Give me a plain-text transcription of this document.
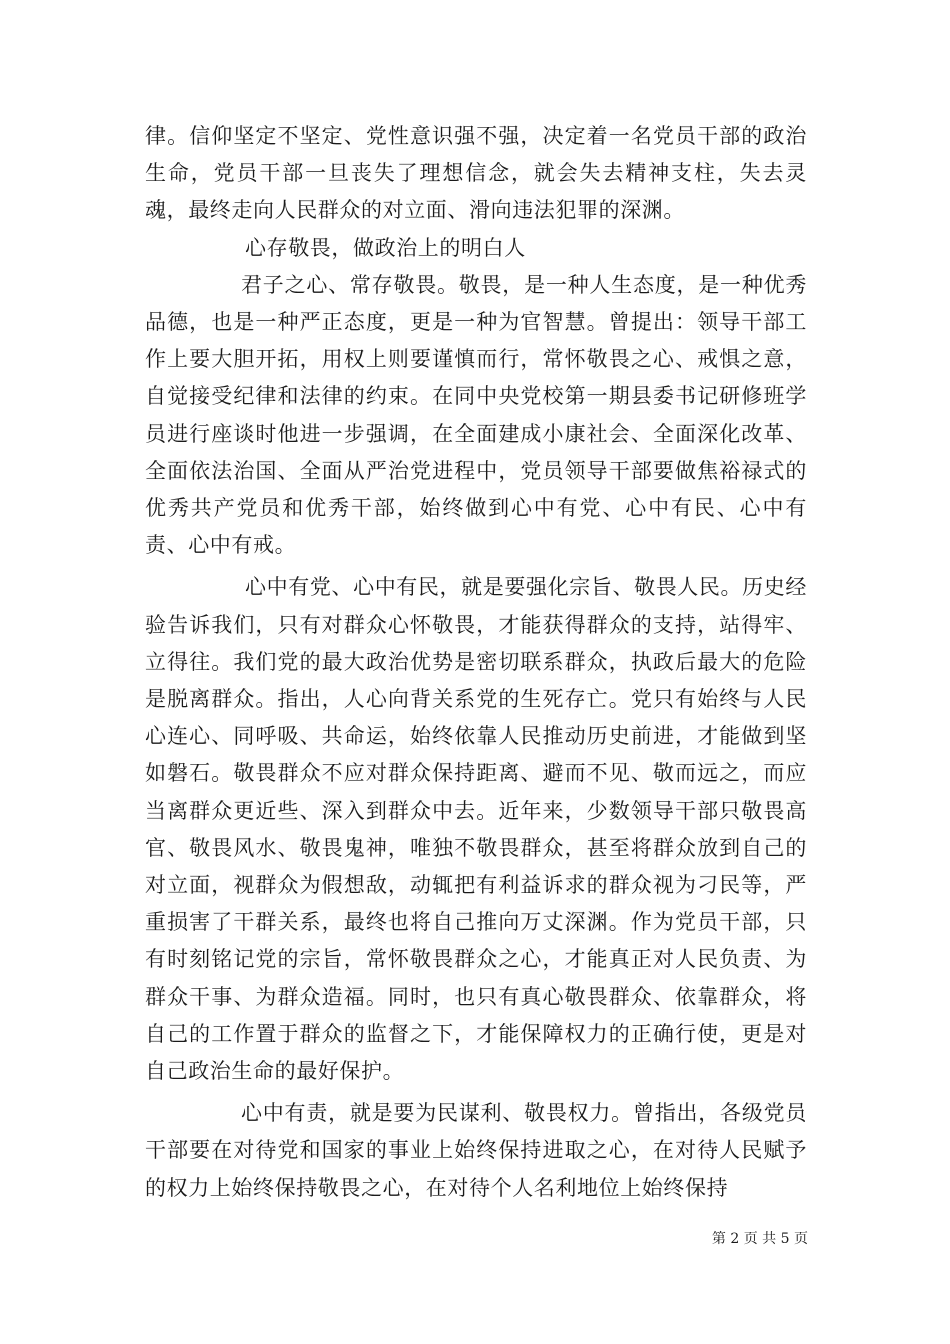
律。信仰坚定不坚定、党性意识强不强，决定着一名党员干部的政治生命，党员干部一旦丧失了理想信念，就会失去精神支柱，失去灵魂，最终走向人民群众的对立面、滑向违法犯罪的深渊。

心存敬畏，做政治上的明白人

君子之心、常存敬畏。敬畏，是一种人生态度，是一种优秀品德，也是一种严正态度，更是一种为官智慧。曾提出：领导干部工作上要大胆开拓，用权上则要谨慎而行，常怀敬畏之心、戒惧之意，自觉接受纪律和法律的约束。在同中央党校第一期县委书记研修班学员进行座谈时他进一步强调，在全面建成小康社会、全面深化改革、全面依法治国、全面从严治党进程中，党员领导干部要做焦裕禄式的优秀共产党员和优秀干部，始终做到心中有党、心中有民、心中有责、心中有戒。

心中有党、心中有民，就是要强化宗旨、敬畏人民。历史经验告诉我们，只有对群众心怀敬畏，才能获得群众的支持，站得牢、立得往。我们党的最大政治优势是密切联系群众，执政后最大的危险是脱离群众。指出，人心向背关系党的生死存亡。党只有始终与人民心连心、同呼吸、共命运，始终依靠人民推动历史前进，才能做到坚如磐石。敬畏群众不应对群众保持距离、避而不见、敬而远之，而应当离群众更近些、深入到群众中去。近年来，少数领导干部只敬畏高官、敬畏风水、敬畏鬼神，唯独不敬畏群众，甚至将群众放到自己的对立面，视群众为假想敌，动辄把有利益诉求的群众视为刁民等，严重损害了干群关系，最终也将自己推向万丈深渊。作为党员干部，只有时刻铭记党的宗旨，常怀敬畏群众之心，才能真正对人民负责、为群众干事、为群众造福。同时，也只有真心敬畏群众、依靠群众，将自己的工作置于群众的监督之下，才能保障权力的正确行使，更是对自己政治生命的最好保护。

心中有责，就是要为民谋利、敬畏权力。曾指出，各级党员干部要在对待党和国家的事业上始终保持进取之心，在对待人民赋予的权力上始终保持敬畏之心，在对待个人名利地位上始终保持

第 2 页 共 5 页
